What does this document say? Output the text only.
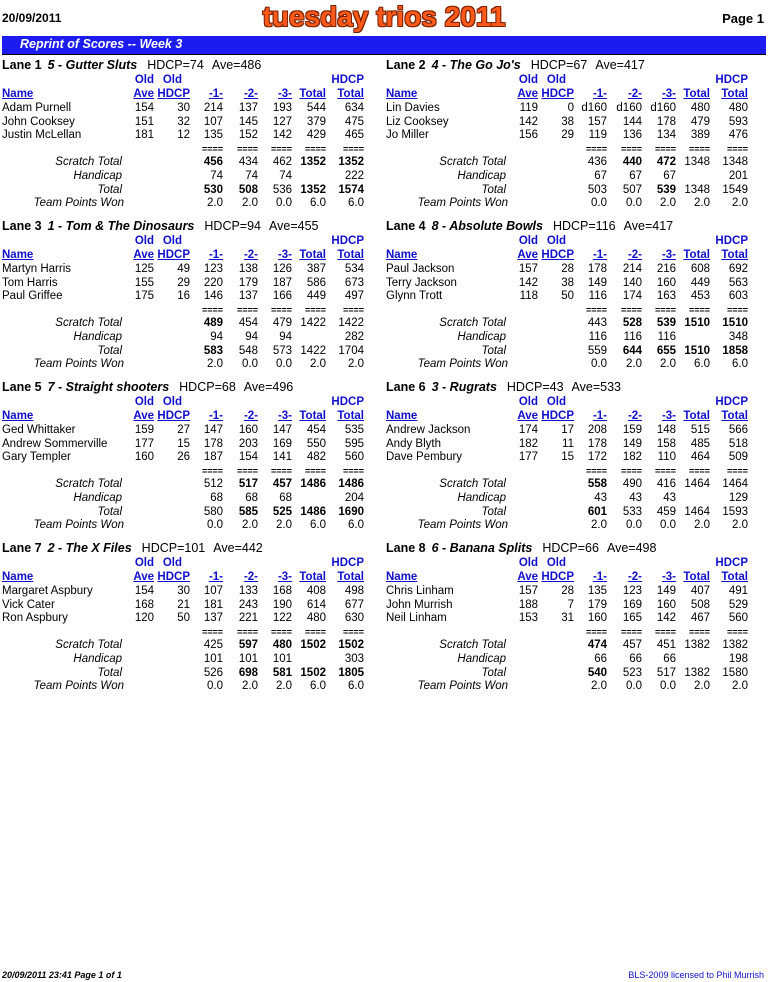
20/09/2011	tuesday trios 2011	Page 1
Reprint of Scores -- Week 3
Lane 1 5 - Gutter Sluts HDCP=74 Ave=486
Old Old	HDCP
Name	Ave HDCP -1- -2- -3- Total Total
Adam Purnell	154 30 214 137 193 544 634
John Cooksey	151 32 107 145 127 379 475
Justin McLellan	181 12 135 152 142 429 465
==== ==== ==== ==== ====
Scratch Total	456 434 462 1352 1352
Handicap	74 74 74	222
Total	530 508 536 1352 1574
Team Points Won	2.0 2.0 0.0 6.0 6.0
Lane 2 4 - The Go Jo's HDCP=67 Ave=417
Old Old	HDCP
Name	Ave HDCP -1- -2- -3- Total Total
Lin Davies	119	0 d160 d160 d160 480 480
Liz Cooksey	142 38 157 144 178 479 593
Jo Miller	156 29 119 136 134 389 476
==== ==== ==== ==== ====
Scratch Total	436 440 472 1348 1348
Handicap	67 67 67	201
Total	503 507 539 1348 1549
Team Points Won	0.0 0.0 2.0 2.0 2.0
Lane 3 1 - Tom & The Dinosaurs HDCP=94 Ave=455
Old Old	HDCP
Name	Ave HDCP -1- -2- -3- Total Total
Martyn Harris	125 49 123 138 126 387 534
Tom Harris	155 29 220 179 187 586 673
Paul Griffee	175 16 146 137 166 449 497
==== ==== ==== ==== ====
Scratch Total	489 454 479 1422 1422
Handicap	94 94 94	282
Total	583 548 573 1422 1704
Team Points Won	2.0 0.0 0.0 2.0 2.0
Lane 4 8 - Absolute Bowls HDCP=116 Ave=417
Old Old	HDCP
Name	Ave HDCP -1- -2- -3- Total Total
Paul Jackson	157 28 178 214 216 608 692
Terry Jackson	142 38 149 140 160 449 563
Glynn Trott	118 50 116 174 163 453 603
==== ==== ==== ==== ====
Scratch Total	443 528 539 1510 1510
Handicap	116 116 116	348
Total	559 644 655 1510 1858
Team Points Won	0.0 2.0 2.0 6.0 6.0
Lane 5 7 - Straight shooters HDCP=68 Ave=496
Old Old	HDCP
Name	Ave HDCP -1- -2- -3- Total Total
Ged Whittaker	159 27 147 160 147 454 535
Andrew Sommerville 177 15 178 203 169 550 595
Gary Templer	160 26 187 154 141 482 560
==== ==== ==== ==== ====
Scratch Total	512 517 457 1486 1486
Handicap	68 68 68	204
Total	580 585 525 1486 1690
Team Points Won	0.0 2.0 2.0 6.0 6.0
Lane 6 3 - Rugrats HDCP=43 Ave=533
Old Old	HDCP
Name	Ave HDCP -1- -2- -3- Total Total
Andrew Jackson	174 17 208 159 148 515 566
Andy Blyth	182 11 178 149 158 485 518
Dave Pembury	177 15 172 182 110 464 509
==== ==== ==== ==== ====
Scratch Total	558 490 416 1464 1464
Handicap	43 43 43	129
Total	601 533 459 1464 1593
Team Points Won	2.0 0.0 0.0 2.0 2.0
Lane 7 2 - The X Files HDCP=101 Ave=442
Old Old	HDCP
Name	Ave HDCP -1- -2- -3- Total Total
Margaret Aspbury	154 30 107 133 168 408 498
Vick Cater	168 21 181 243 190 614 677
Ron Aspbury	120 50 137 221 122 480 630
==== ==== ==== ==== ====
Scratch Total	425 597 480 1502 1502
Handicap	101 101 101	303
Total	526 698 581 1502 1805
Team Points Won	0.0 2.0 2.0 6.0 6.0
Lane 8 6 - Banana Splits HDCP=66 Ave=498
Old Old	HDCP
Name	Ave HDCP -1- -2- -3- Total Total
Chris Linham	157 28 135 123 149 407 491
John Murrish	188	7 179 169 160 508 529
Neil Linham	153 31 160 165 142 467 560
==== ==== ==== ==== ====
Scratch Total	474 457 451 1382 1382
Handicap	66 66 66	198
Total	540 523 517 1382 1580
Team Points Won	2.0 0.0 0.0 2.0 2.0
20/09/2011 23:41 Page 1 of 1	BLS-2009 licensed to Phil Murrish
